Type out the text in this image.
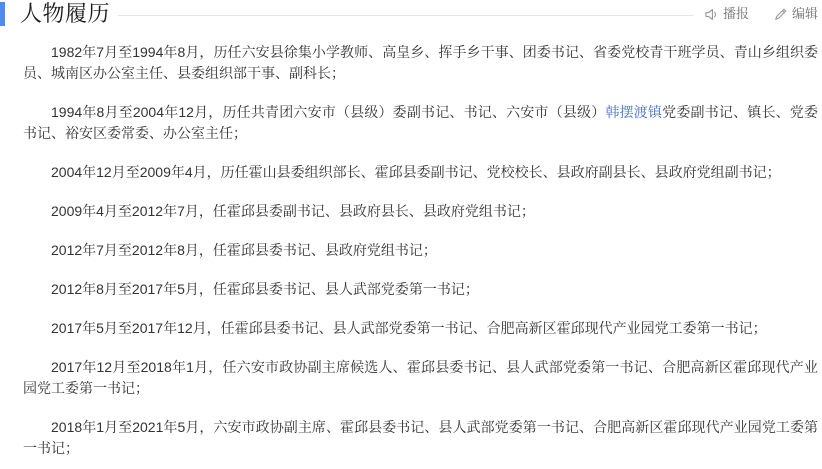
人物履历	播报	编辑

1982年7月至1994年8月，历任六安县徐集小学教师、高皇乡、挥手乡干事、团委书记、省委党校青干班学员、青山乡组织委员、城南区办公室主任、县委组织部干事、副科长；

1994年8月至2004年12月，历任共青团六安市（县级）委副书记、书记、六安市（县级）韩摆渡镇党委副书记、镇长、党委书记、裕安区委常委、办公室主任；

2004年12月至2009年4月，历任霍山县委组织部长、霍邱县委副书记、党校校长、县政府副县长、县政府党组副书记；

2009年4月至2012年7月，任霍邱县委副书记、县政府县长、县政府党组书记；

2012年7月至2012年8月，任霍邱县委书记、县政府党组书记；

2012年8月至2017年5月，任霍邱县委书记、县人武部党委第一书记；

2017年5月至2017年12月，任霍邱县委书记、县人武部党委第一书记、合肥高新区霍邱现代产业园党工委第一书记；

2017年12月至2018年1月，任六安市政协副主席候选人、霍邱县委书记、县人武部党委第一书记、合肥高新区霍邱现代产业园党工委第一书记；

2018年1月至2021年5月，六安市政协副主席、霍邱县委书记、县人武部党委第一书记、合肥高新区霍邱现代产业园党工委第一书记；
